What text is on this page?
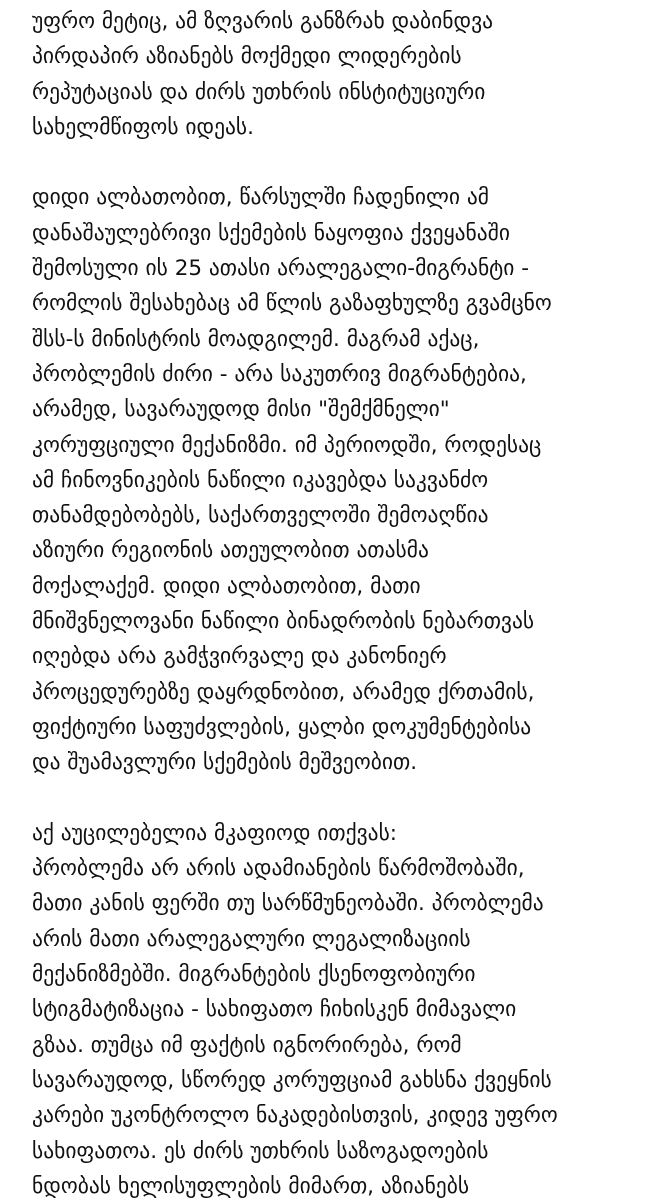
უფრო მეტიც, ამ ზღვარის განზრახ დაბინდვა
პირდაპირ აზიანებს მოქმედი ლიდერების
რეპუტაციას და ძირს უთხრის ინსტიტუციური
სახელმწიფოს იდეას.
დიდი ალბათობით, წარსულში ჩადენილი ამ
დანაშაულებრივი სქემების ნაყოფია ქვეყანაში
შემოსული ის 25 ათასი არალეგალი-მიგრანტი -
რომლის შესახებაც ამ წლის გაზაფხულზე გვამცნო
შსს-ს მინისტრის მოადგილემ. მაგრამ აქაც,
პრობლემის ძირი - არა საკუთრივ მიგრანტებია,
არამედ, სავარაუდოდ მისი "შემქმნელი"
კორუფციული მექანიზმი. იმ პერიოდში, როდესაც
ამ ჩინოვნიკების ნაწილი იკავებდა საკვანძო
თანამდებობებს, საქართველოში შემოაღწია
აზიური რეგიონის ათეულობით ათასმა
მოქალაქემ. დიდი ალბათობით, მათი
მნიშვნელოვანი ნაწილი ბინადრობის ნებართვას
იღებდა არა გამჭვირვალე და კანონიერ
პროცედურებზე დაყრდნობით, არამედ ქრთამის,
ფიქტიური საფუძვლების, ყალბი დოკუმენტებისა
და შუამავლური სქემების მეშვეობით.
აქ აუცილებელია მკაფიოდ ითქვას:
პრობლემა არ არის ადამიანების წარმოშობაში,
მათი კანის ფერში თუ სარწმუნეობაში. პრობლემა
არის მათი არალეგალური ლეგალიზაციის
მექანიზმებში. მიგრანტების ქსენოფობიური
სტიგმატიზაცია - სახიფათო ჩიხისკენ მიმავალი
გზაა. თუმცა იმ ფაქტის იგნორირება, რომ
სავარაუდოდ, სწორედ კორუფციამ გახსნა ქვეყნის
კარები უკონტროლო ნაკადებისთვის, კიდევ უფრო
სახიფათოა. ეს ძირს უთხრის საზოგადოების
ნდობას ხელისუფლების მიმართ, აზიანებს
